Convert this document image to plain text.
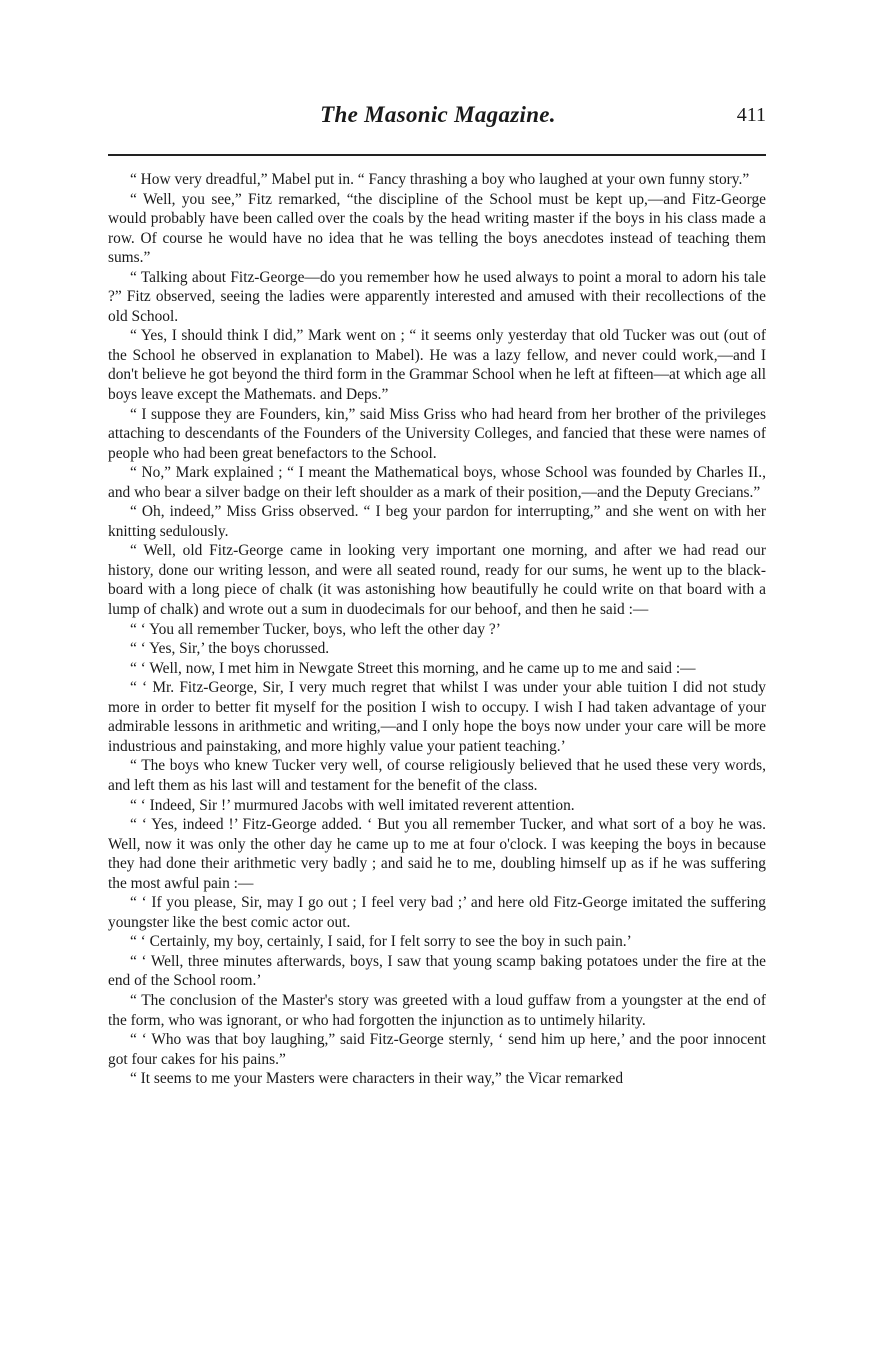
The Masonic Magazine.	411

“ How very dreadful,” Mabel put in. “ Fancy thrashing a boy who laughed at your own funny story.”

“ Well, you see,” Fitz remarked, “the discipline of the School must be kept up,—and Fitz-George would probably have been called over the coals by the head writing master if the boys in his class made a row. Of course he would have no idea that he was telling the boys anecdotes instead of teaching them sums.”

“ Talking about Fitz-George—do you remember how he used always to point a moral to adorn his tale ?” Fitz observed, seeing the ladies were apparently interested and amused with their recollections of the old School.

“ Yes, I should think I did,” Mark went on ; “ it seems only yesterday that old Tucker was out (out of the School he observed in explanation to Mabel). He was a lazy fellow, and never could work,—and I don't believe he got beyond the third form in the Grammar School when he left at fifteen—at which age all boys leave except the Mathemats. and Deps.”

“ I suppose they are Founders, kin,” said Miss Griss who had heard from her brother of the privileges attaching to descendants of the Founders of the University Colleges, and fancied that these were names of people who had been great benefactors to the School.

“ No,” Mark explained ; “ I meant the Mathematical boys, whose School was founded by Charles II., and who bear a silver badge on their left shoulder as a mark of their position,—and the Deputy Grecians.”

“ Oh, indeed,” Miss Griss observed. “ I beg your pardon for interrupting,” and she went on with her knitting sedulously.

“ Well, old Fitz-George came in looking very important one morning, and after we had read our history, done our writing lesson, and were all seated round, ready for our sums, he went up to the black-board with a long piece of chalk (it was astonishing how beautifully he could write on that board with a lump of chalk) and wrote out a sum in duodecimals for our behoof, and then he said :—

“ ‘ You all remember Tucker, boys, who left the other day ?’

“ ‘ Yes, Sir,’ the boys chorussed.

“ ‘ Well, now, I met him in Newgate Street this morning, and he came up to me and said :—

“ ‘ Mr. Fitz-George, Sir, I very much regret that whilst I was under your able tuition I did not study more in order to better fit myself for the position I wish to occupy. I wish I had taken advantage of your admirable lessons in arithmetic and writing,—and I only hope the boys now under your care will be more industrious and painstaking, and more highly value your patient teaching.’

“ The boys who knew Tucker very well, of course religiously believed that he used these very words, and left them as his last will and testament for the benefit of the class.

“ ‘ Indeed, Sir !’ murmured Jacobs with well imitated reverent attention.

“ ‘ Yes, indeed !’ Fitz-George added. ‘ But you all remember Tucker, and what sort of a boy he was. Well, now it was only the other day he came up to me at four o'clock. I was keeping the boys in because they had done their arithmetic very badly ; and said he to me, doubling himself up as if he was suffering the most awful pain :—

“ ‘ If you please, Sir, may I go out ; I feel very bad ;’ and here old Fitz-George imitated the suffering youngster like the best comic actor out.

“ ‘ Certainly, my boy, certainly, I said, for I felt sorry to see the boy in such pain.’

“ ‘ Well, three minutes afterwards, boys, I saw that young scamp baking potatoes under the fire at the end of the School room.’

“ The conclusion of the Master's story was greeted with a loud guffaw from a youngster at the end of the form, who was ignorant, or who had forgotten the injunction as to untimely hilarity.

“ ‘ Who was that boy laughing,” said Fitz-George sternly, ‘ send him up here,’ and the poor innocent got four cakes for his pains.”

“ It seems to me your Masters were characters in their way,” the Vicar remarked
